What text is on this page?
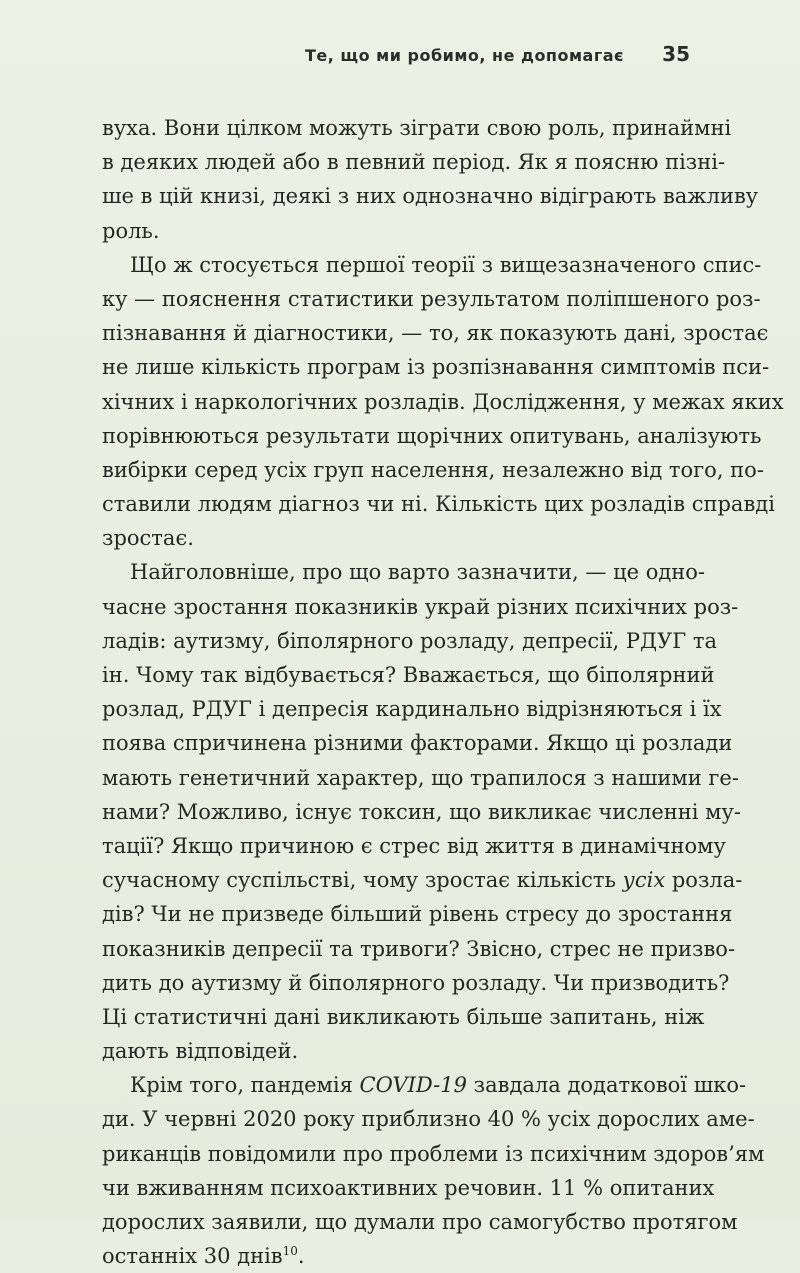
Те, що ми робимо, не допомагає 35
вуха. Вони цілком можуть зіграти свою роль, принаймні
в деяких людей або в певний період. Як я поясню пізні-
ше в цій книзі, деякі з них однозначно відіграють важливу
роль.
Що ж стосується першої теорії з вищезазначеного спис-
ку — пояснення статистики результатом поліпшеного роз-
пізнавання й діагностики, — то, як показують дані, зростає
не лише кількість програм із розпізнавання симптомів пси-
хічних і наркологічних розладів. Дослідження, у межах яких
порівнюються результати щорічних опитувань, аналізують
вибірки серед усіх груп населення, незалежно від того, по-
ставили людям діагноз чи ні. Кількість цих розладів справді
зростає.
Найголовніше, про що варто зазначити, — це одно-
часне зростання показників украй різних психічних роз-
ладів: аутизму, біполярного розладу, депресії, РДУГ та
ін. Чому так відбувається? Вважається, що біполярний
розлад, РДУГ і депресія кардинально відрізняються і їх
поява спричинена різними факторами. Якщо ці розлади
мають генетичний характер, що трапилося з нашими ге-
нами? Можливо, існує токсин, що викликає численні му-
тації? Якщо причиною є стрес від життя в динамічному
сучасному суспільстві, чому зростає кількість усіх розла-
дів? Чи не призведе більший рівень стресу до зростання
показників депресії та тривоги? Звісно, стрес не призво-
дить до аутизму й біполярного розладу. Чи призводить?
Ці статистичні дані викликають більше запитань, ніж
дають відповідей.
Крім того, пандемія COVID-19 завдала додаткової шко-
ди. У червні 2020 року приблизно 40 % усіх дорослих аме-
риканців повідомили про проблеми із психічним здоров’ям
чи вживанням психоактивних речовин. 11 % опитаних
дорослих заявили, що думали про самогубство протягом
останніх 30 днів$^{10}$.
